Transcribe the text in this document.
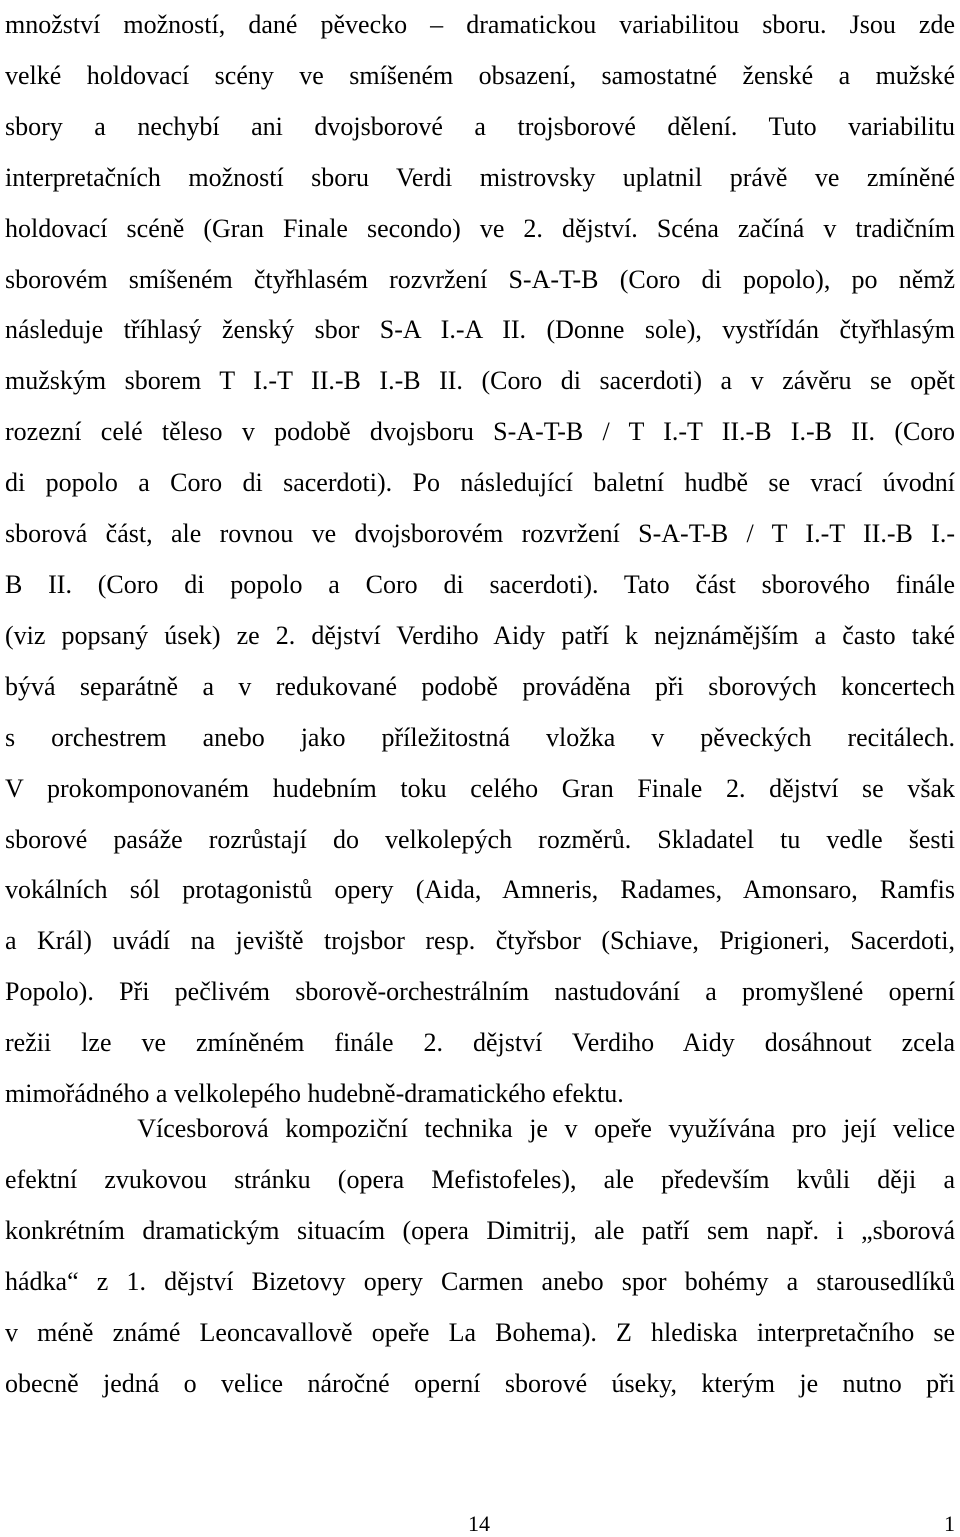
množství možností, dané pěvecko – dramatickou variabilitou sboru. Jsou zde
velké holdovací scény ve smíšeném obsazení, samostatné ženské a mužské
sbory a nechybí ani dvojsborové a trojsborové dělení. Tuto variabilitu
interpretačních možností sboru Verdi mistrovsky uplatnil právě ve zmíněné
holdovací scéně (Gran Finale secondo) ve 2. dějství. Scéna začíná v tradičním
sborovém smíšeném čtyřhlasém rozvržení S-A-T-B (Coro di popolo), po němž
následuje tříhlasý ženský sbor S-A I.-A II. (Donne sole), vystřídán čtyřhlasým
mužským sborem T I.-T II.-B I.-B II. (Coro di sacerdoti) a v závěru se opět
rozezní celé těleso v podobě dvojsboru S-A-T-B / T I.-T II.-B I.-B II. (Coro
di popolo a Coro di sacerdoti). Po následující baletní hudbě se vrací úvodní
sborová část, ale rovnou ve dvojsborovém rozvržení S-A-T-B / T I.-T II.-B I.-
B II. (Coro di popolo a Coro di sacerdoti). Tato část sborového finále
(viz popsaný úsek) ze 2. dějství Verdiho Aidy patří k nejznámějším a často také
bývá separátně a v redukované podobě prováděna při sborových koncertech
s orchestrem anebo jako příležitostná vložka v pěveckých recitálech.
V prokomponovaném hudebním toku celého Gran Finale 2. dějství se však
sborové pasáže rozrůstají do velkolepých rozměrů. Skladatel tu vedle šesti
vokálních sól protagonistů opery (Aida, Amneris, Radames, Amonsaro, Ramfis
a Král) uvádí na jeviště trojsbor resp. čtyřsbor (Schiave, Prigioneri, Sacerdoti,
Popolo). Při pečlivém sborově-orchestrálním nastudování a promyšlené operní
režii lze ve zmíněném finále 2. dějství Verdiho Aidy dosáhnout zcela
mimořádného a velkolepého hudebně-dramatického efektu.
Vícesborová kompoziční technika je v opeře využívána pro její velice
efektní zvukovou stránku (opera Mefistofeles), ale především kvůli ději a
konkrétním dramatickým situacím (opera Dimitrij, ale patří sem např. i „sborová
hádka“ z 1. dějství Bizetovy opery Carmen anebo spor bohémy a starousedlíků
v méně známé Leoncavallově opeře La Bohema). Z hlediska interpretačního se
obecně jedná o velice náročné operní sborové úseky, kterým je nutno při
14	1
